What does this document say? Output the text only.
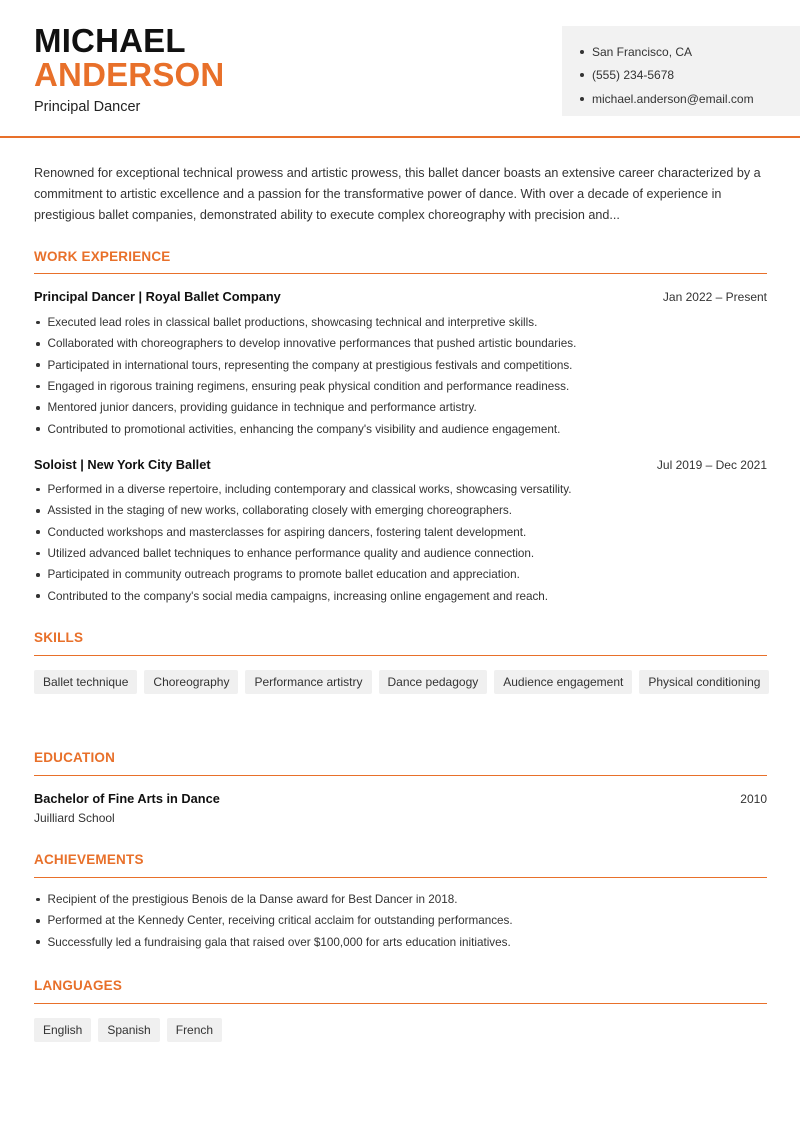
MICHAEL
ANDERSON
Principal Dancer
San Francisco, CA
(555) 234-5678
michael.anderson@email.com

Renowned for exceptional technical prowess and artistic prowess, this ballet dancer boasts an extensive career characterized by a commitment to artistic excellence and a passion for the transformative power of dance. With over a decade of experience in prestigious ballet companies, demonstrated ability to execute complex choreography with precision and...

WORK EXPERIENCE
Principal Dancer | Royal Ballet Company	Jan 2022 – Present
Executed lead roles in classical ballet productions, showcasing technical and interpretive skills.
Collaborated with choreographers to develop innovative performances that pushed artistic boundaries.
Participated in international tours, representing the company at prestigious festivals and competitions.
Engaged in rigorous training regimens, ensuring peak physical condition and performance readiness.
Mentored junior dancers, providing guidance in technique and performance artistry.
Contributed to promotional activities, enhancing the company's visibility and audience engagement.
Soloist | New York City Ballet	Jul 2019 – Dec 2021
Performed in a diverse repertoire, including contemporary and classical works, showcasing versatility.
Assisted in the staging of new works, collaborating closely with emerging choreographers.
Conducted workshops and masterclasses for aspiring dancers, fostering talent development.
Utilized advanced ballet techniques to enhance performance quality and audience connection.
Participated in community outreach programs to promote ballet education and appreciation.
Contributed to the company's social media campaigns, increasing online engagement and reach.
SKILLS
Ballet technique	Choreography	Performance artistry	Dance pedagogy	Audience engagement	Physical conditioning
EDUCATION
Bachelor of Fine Arts in Dance	2010
Juilliard School
ACHIEVEMENTS
Recipient of the prestigious Benois de la Danse award for Best Dancer in 2018.
Performed at the Kennedy Center, receiving critical acclaim for outstanding performances.
Successfully led a fundraising gala that raised over $100,000 for arts education initiatives.
LANGUAGES
English	Spanish	French
